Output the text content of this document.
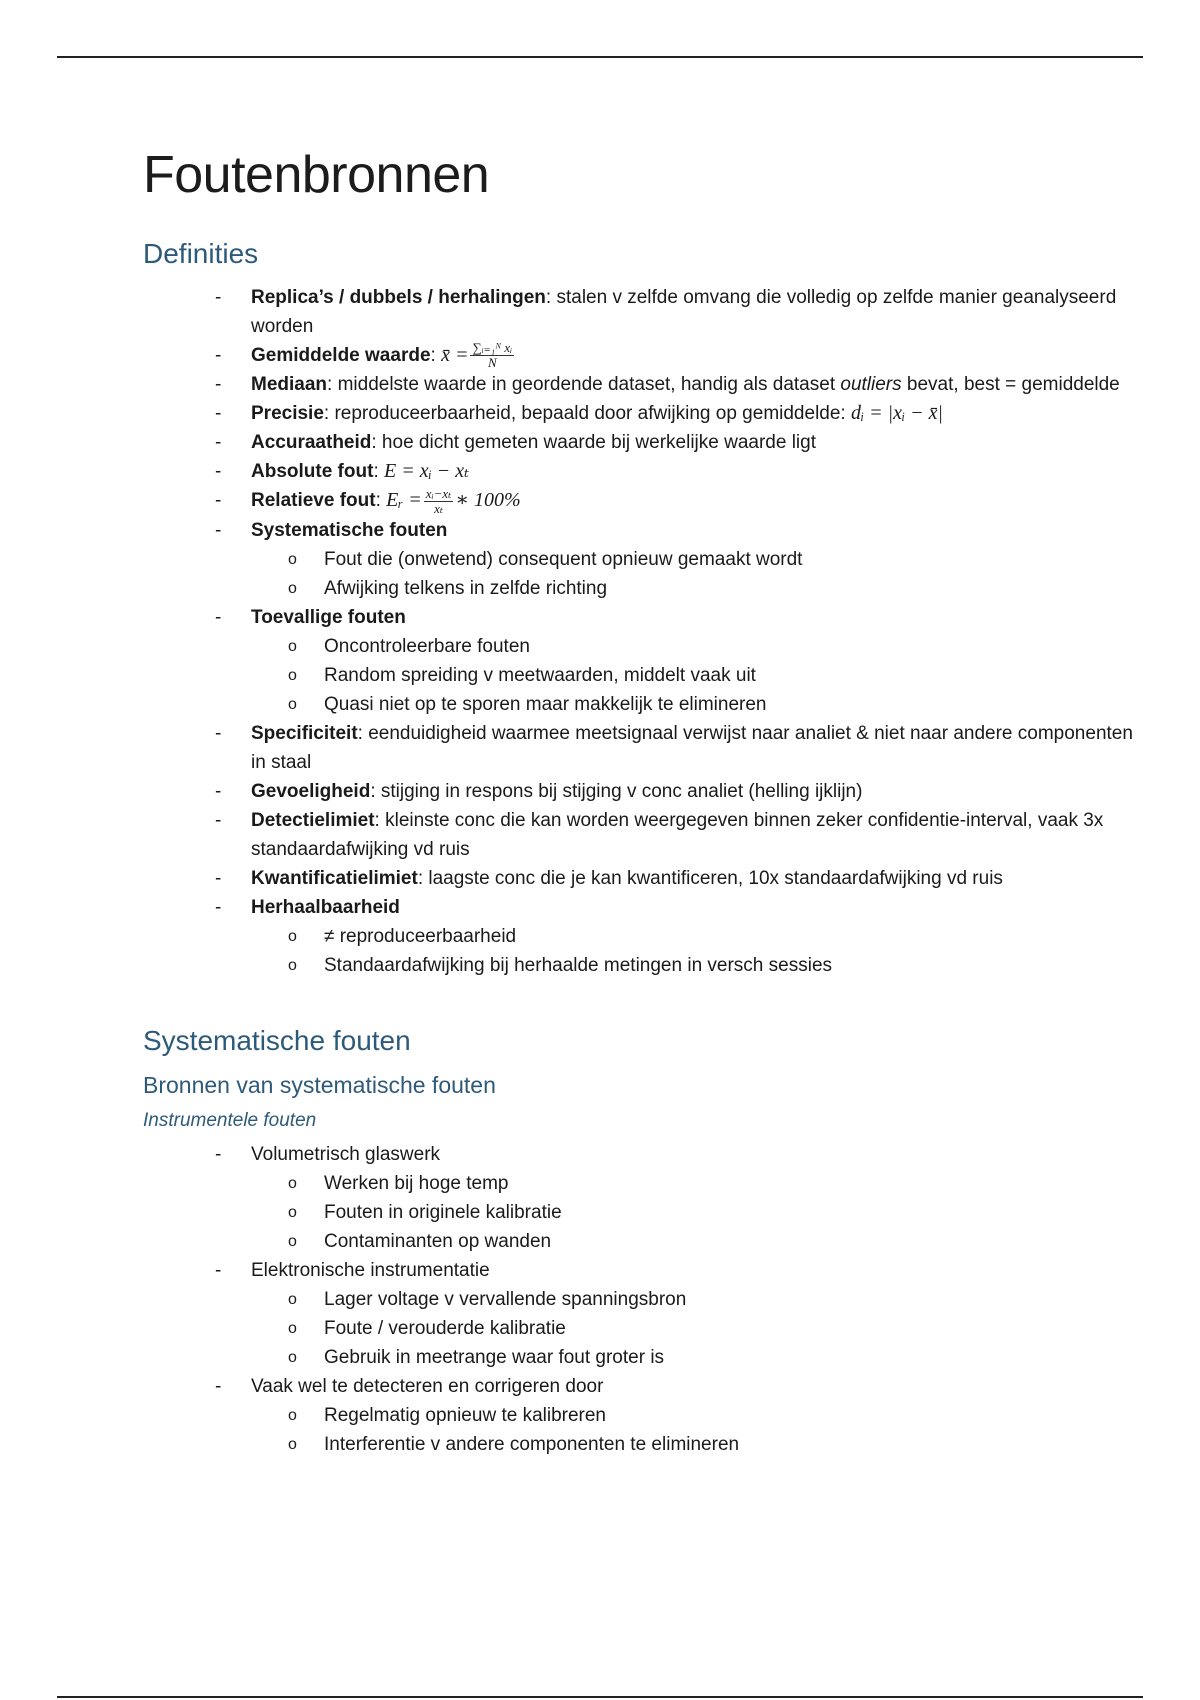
Foutenbronnen
Definities
- Replica’s / dubbels / herhalingen: stalen v zelfde omvang die volledig op zelfde manier geanalyseerd worden
- Gemiddelde waarde: x̄ = $\frac{\text{∑ᵢ₌₁ᴺ xᵢ}}{N}$
- Mediaan: middelste waarde in geordende dataset, handig als dataset outliers bevat, best = gemiddelde
- Precisie: reproduceerbaarheid, bepaald door afwijking op gemiddelde: dᵢ = |xᵢ − x̄|
- Accuraatheid: hoe dicht gemeten waarde bij werkelijke waarde ligt
- Absolute fout: E = xᵢ − xₜ
- Relatieve fout: Eᵣ = $\frac{\text{xᵢ−xₜ}}{\text{xₜ}}$ ∗ 100%
- Systematische fouten
o Fout die (onwetend) consequent opnieuw gemaakt wordt
o Afwijking telkens in zelfde richting
- Toevallige fouten
o Oncontroleerbare fouten
o Random spreiding v meetwaarden, middelt vaak uit
o Quasi niet op te sporen maar makkelijk te elimineren
- Specificiteit: eenduidigheid waarmee meetsignaal verwijst naar analiet & niet naar andere componenten in staal
- Gevoeligheid: stijging in respons bij stijging v conc analiet (helling ijklijn)
- Detectielimiet: kleinste conc die kan worden weergegeven binnen zeker confidentie-interval, vaak 3x standaardafwijking vd ruis
- Kwantificatielimiet: laagste conc die je kan kwantificeren, 10x standaardafwijking vd ruis
- Herhaalbaarheid
o ≠ reproduceerbaarheid
o Standaardafwijking bij herhaalde metingen in versch sessies
Systematische fouten
Bronnen van systematische fouten
Instrumentele fouten
- Volumetrisch glaswerk
o Werken bij hoge temp
o Fouten in originele kalibratie
o Contaminanten op wanden
- Elektronische instrumentatie
o Lager voltage v vervallende spanningsbron
o Foute / verouderde kalibratie
o Gebruik in meetrange waar fout groter is
- Vaak wel te detecteren en corrigeren door
o Regelmatig opnieuw te kalibreren
o Interferentie v andere componenten te elimineren
